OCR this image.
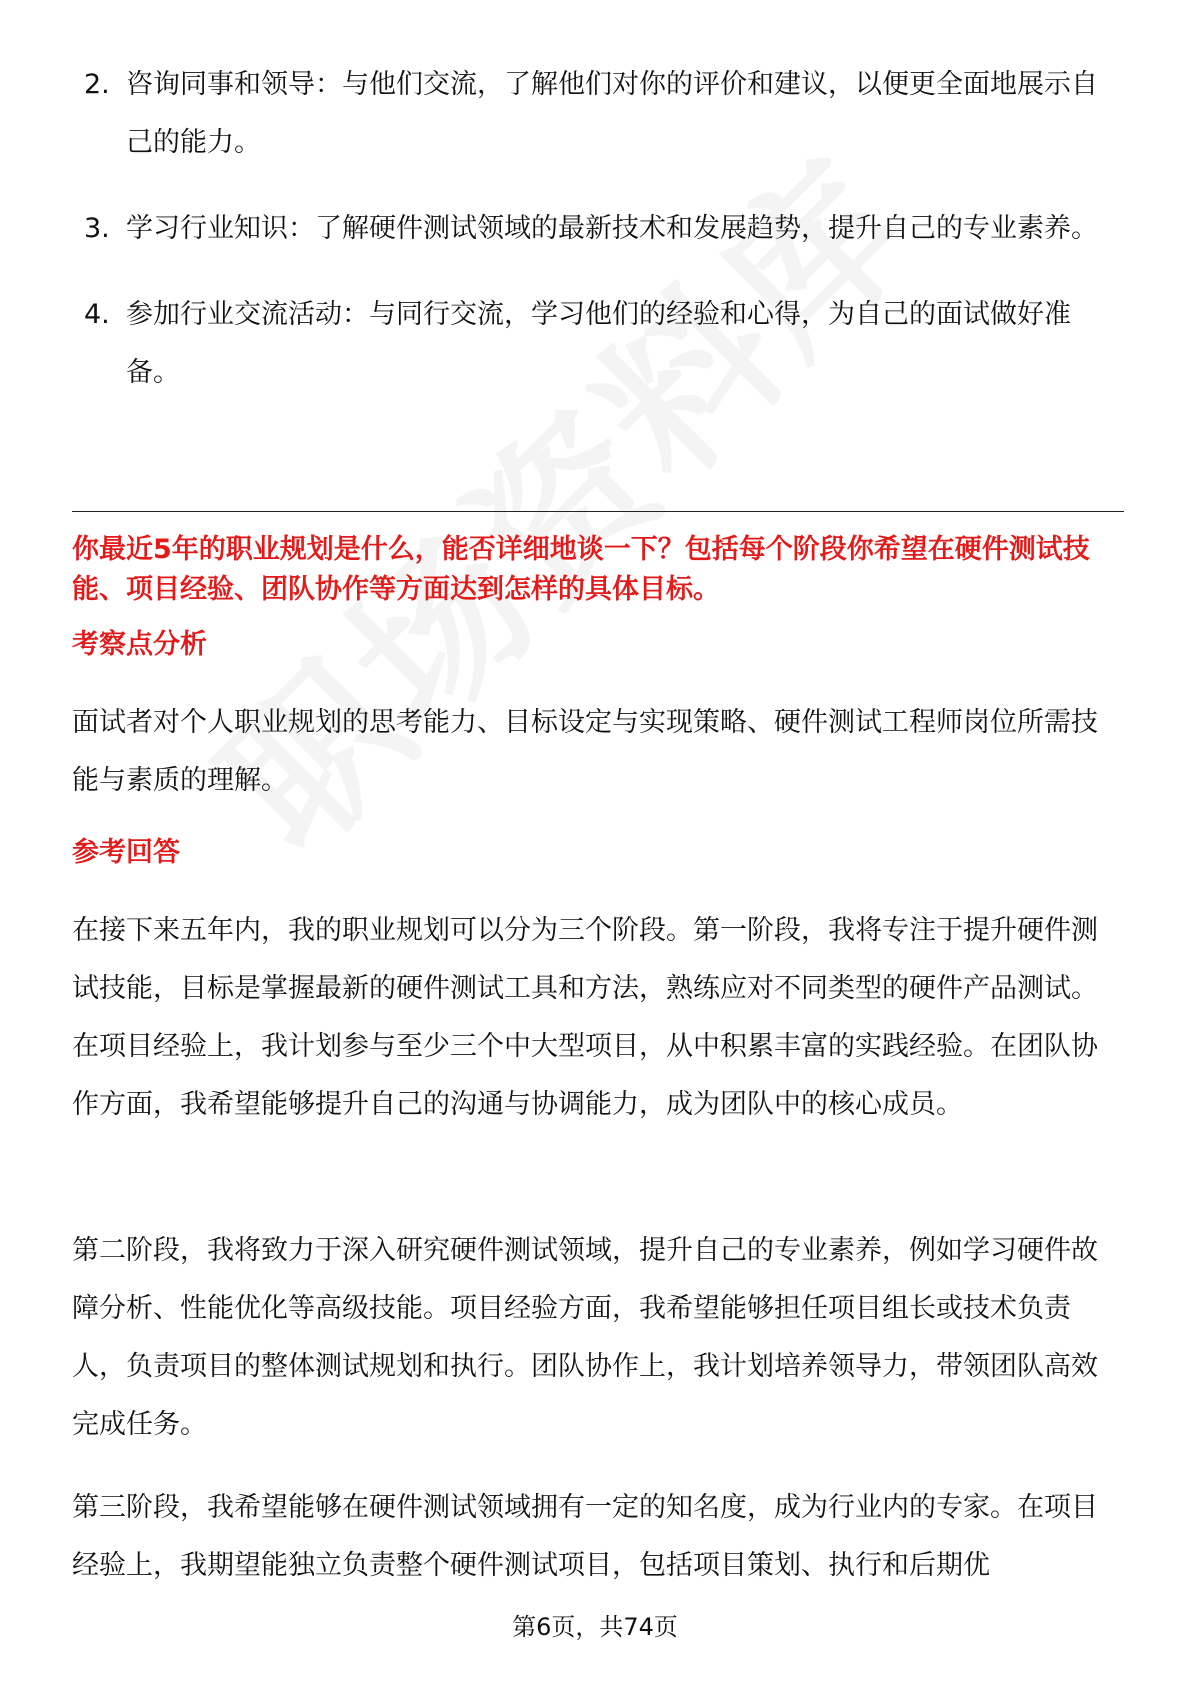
2. 咨询同事和领导：与他们交流，了解他们对你的评价和建议，以便更全面地展示自己的能力。
3. 学习行业知识：了解硬件测试领域的最新技术和发展趋势，提升自己的专业素养。
4. 参加行业交流活动：与同行交流，学习他们的经验和心得，为自己的面试做好准备。
你最近5年的职业规划是什么，能否详细地谈一下？包括每个阶段你希望在硬件测试技能、项目经验、团队协作等方面达到怎样的具体目标。
考察点分析

面试者对个人职业规划的思考能力、目标设定与实现策略、硬件测试工程师岗位所需技能与素质的理解。

参考回答

在接下来五年内，我的职业规划可以分为三个阶段。第一阶段，我将专注于提升硬件测试技能，目标是掌握最新的硬件测试工具和方法，熟练应对不同类型的硬件产品测试。在项目经验上，我计划参与至少三个中大型项目，从中积累丰富的实践经验。在团队协作方面，我希望能够提升自己的沟通与协调能力，成为团队中的核心成员。

第二阶段，我将致力于深入研究硬件测试领域，提升自己的专业素养，例如学习硬件故障分析、性能优化等高级技能。项目经验方面，我希望能够担任项目组长或技术负责人，负责项目的整体测试规划和执行。团队协作上，我计划培养领导力，带领团队高效完成任务。

第三阶段，我希望能够在硬件测试领域拥有一定的知名度，成为行业内的专家。在项目经验上，我期望能独立负责整个硬件测试项目，包括项目策划、执行和后期优

第6页，共74页
